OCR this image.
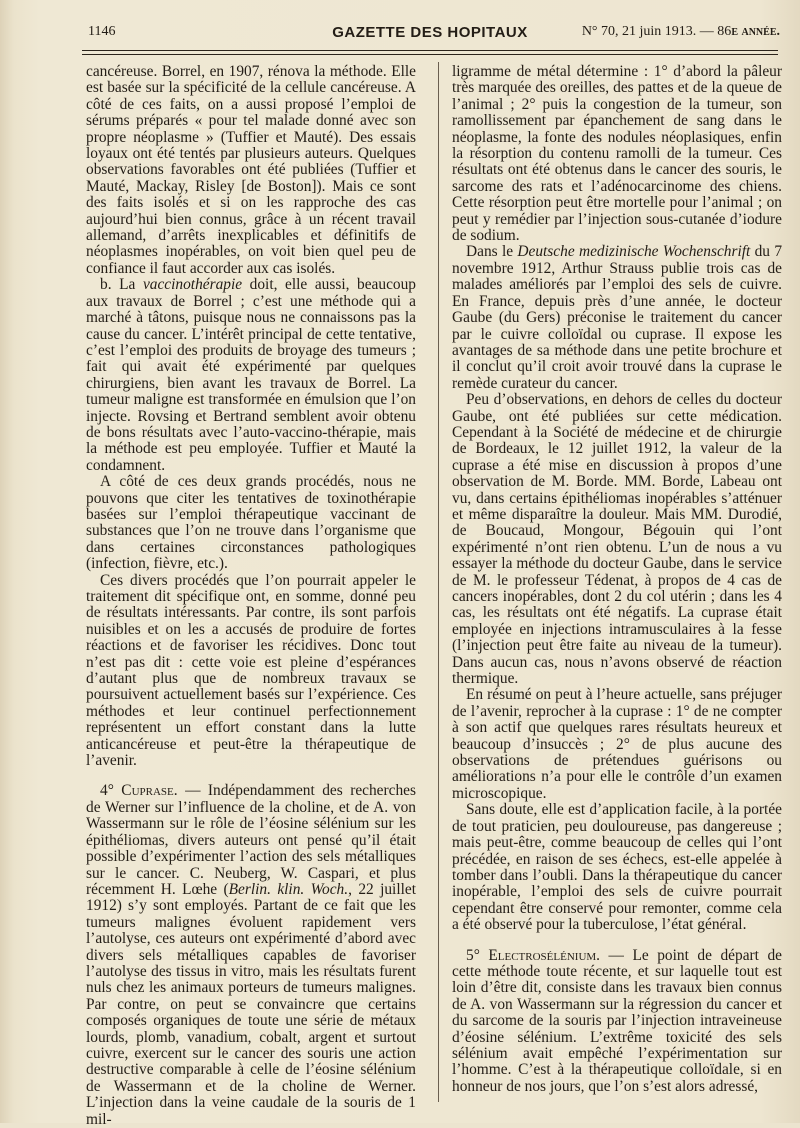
1146	GAZETTE DES HOPITAUX	N° 70, 21 juin 1913. — 86e année.

cancéreuse. Borrel, en 1907, rénova la méthode. Elle est basée sur la spécificité de la cellule cancéreuse. A côté de ces faits, on a aussi proposé l’emploi de sérums préparés « pour tel malade donné avec son propre néoplasme » (Tuffier et Mauté). Des essais loyaux ont été tentés par plusieurs auteurs. Quelques observations favorables ont été publiées (Tuffier et Mauté, Mackay, Risley [de Boston]). Mais ce sont des faits isolés et si on les rapproche des cas aujourd’hui bien connus, grâce à un récent travail allemand, d’arrêts inexplicables et définitifs de néoplasmes inopérables, on voit bien quel peu de confiance il faut accorder aux cas isolés.

b. La vaccinothérapie doit, elle aussi, beaucoup aux travaux de Borrel ; c’est une méthode qui a marché à tâtons, puisque nous ne connaissons pas la cause du cancer. L’intérêt principal de cette tentative, c’est l’emploi des produits de broyage des tumeurs ; fait qui avait été expérimenté par quelques chirurgiens, bien avant les travaux de Borrel. La tumeur maligne est transformée en émulsion que l’on injecte. Rovsing et Bertrand semblent avoir obtenu de bons résultats avec l’auto-vaccino-thérapie, mais la méthode est peu employée. Tuffier et Mauté la condamnent.

A côté de ces deux grands procédés, nous ne pouvons que citer les tentatives de toxinothérapie basées sur l’emploi thérapeutique vaccinant de substances que l’on ne trouve dans l’organisme que dans certaines circonstances pathologiques (infection, fièvre, etc.).

Ces divers procédés que l’on pourrait appeler le traitement dit spécifique ont, en somme, donné peu de résultats intéressants. Par contre, ils sont parfois nuisibles et on les a accusés de produire de fortes réactions et de favoriser les récidives. Donc tout n’est pas dit : cette voie est pleine d’espérances d’autant plus que de nombreux travaux se poursuivent actuellement basés sur l’expérience. Ces méthodes et leur continuel perfectionnement représentent un effort constant dans la lutte anticancéreuse et peut-être la thérapeutique de l’avenir.

4° Cuprase. — Indépendamment des recherches de Werner sur l’influence de la choline, et de A. von Wassermann sur le rôle de l’éosine sélénium sur les épithéliomas, divers auteurs ont pensé qu’il était possible d’expérimenter l’action des sels métalliques sur le cancer. C. Neuberg, W. Caspari, et plus récemment H. Lœhe (Berlin. klin. Woch., 22 juillet 1912) s’y sont employés. Partant de ce fait que les tumeurs malignes évoluent rapidement vers l’autolyse, ces auteurs ont expérimenté d’abord avec divers sels métalliques capables de favoriser l’autolyse des tissus in vitro, mais les résultats furent nuls chez les animaux porteurs de tumeurs malignes. Par contre, on peut se convaincre que certains composés organiques de toute une série de métaux lourds, plomb, vanadium, cobalt, argent et surtout cuivre, exercent sur le cancer des souris une action destructive comparable à celle de l’éosine sélénium de Wassermann et de la choline de Werner. L’injection dans la veine caudale de la souris de 1 mil-

ligramme de métal détermine : 1° d’abord la pâleur très marquée des oreilles, des pattes et de la queue de l’animal ; 2° puis la congestion de la tumeur, son ramollissement par épanchement de sang dans le néoplasme, la fonte des nodules néoplasiques, enfin la résorption du contenu ramolli de la tumeur. Ces résultats ont été obtenus dans le cancer des souris, le sarcome des rats et l’adénocarcinome des chiens. Cette résorption peut être mortelle pour l’animal ; on peut y remédier par l’injection sous-cutanée d’iodure de sodium.

Dans le Deutsche medizinische Wochenschrift du 7 novembre 1912, Arthur Strauss publie trois cas de malades améliorés par l’emploi des sels de cuivre. En France, depuis près d’une année, le docteur Gaube (du Gers) préconise le traitement du cancer par le cuivre colloïdal ou cuprase. Il expose les avantages de sa méthode dans une petite brochure et il conclut qu’il croit avoir trouvé dans la cuprase le remède curateur du cancer.

Peu d’observations, en dehors de celles du docteur Gaube, ont été publiées sur cette médication. Cependant à la Société de médecine et de chirurgie de Bordeaux, le 12 juillet 1912, la valeur de la cuprase a été mise en discussion à propos d’une observation de M. Borde. MM. Borde, Labeau ont vu, dans certains épithéliomas inopérables s’atténuer et même disparaître la douleur. Mais MM. Durodié, de Boucaud, Mongour, Bégouin qui l’ont expérimenté n’ont rien obtenu. L’un de nous a vu essayer la méthode du docteur Gaube, dans le service de M. le professeur Tédenat, à propos de 4 cas de cancers inopérables, dont 2 du col utérin ; dans les 4 cas, les résultats ont été négatifs. La cuprase était employée en injections intramusculaires à la fesse (l’injection peut être faite au niveau de la tumeur). Dans aucun cas, nous n’avons observé de réaction thermique.

En résumé on peut à l’heure actuelle, sans préjuger de l’avenir, reprocher à la cuprase : 1° de ne compter à son actif que quelques rares résultats heureux et beaucoup d’insuccès ; 2° de plus aucune des observations de prétendues guérisons ou améliorations n’a pour elle le contrôle d’un examen microscopique.

Sans doute, elle est d’application facile, à la portée de tout praticien, peu douloureuse, pas dangereuse ; mais peut-être, comme beaucoup de celles qui l’ont précédée, en raison de ses échecs, est-elle appelée à tomber dans l’oubli. Dans la thérapeutique du cancer inopérable, l’emploi des sels de cuivre pourrait cependant être conservé pour remonter, comme cela a été observé pour la tuberculose, l’état général.

5° Electrosélénium. — Le point de départ de cette méthode toute récente, et sur laquelle tout est loin d’être dit, consiste dans les travaux bien connus de A. von Wassermann sur la régression du cancer et du sarcome de la souris par l’injection intraveineuse d’éosine sélénium. L’extrême toxicité des sels sélénium avait empêché l’expérimentation sur l’homme. C’est à la thérapeutique colloïdale, si en honneur de nos jours, que l’on s’est alors adressé,
